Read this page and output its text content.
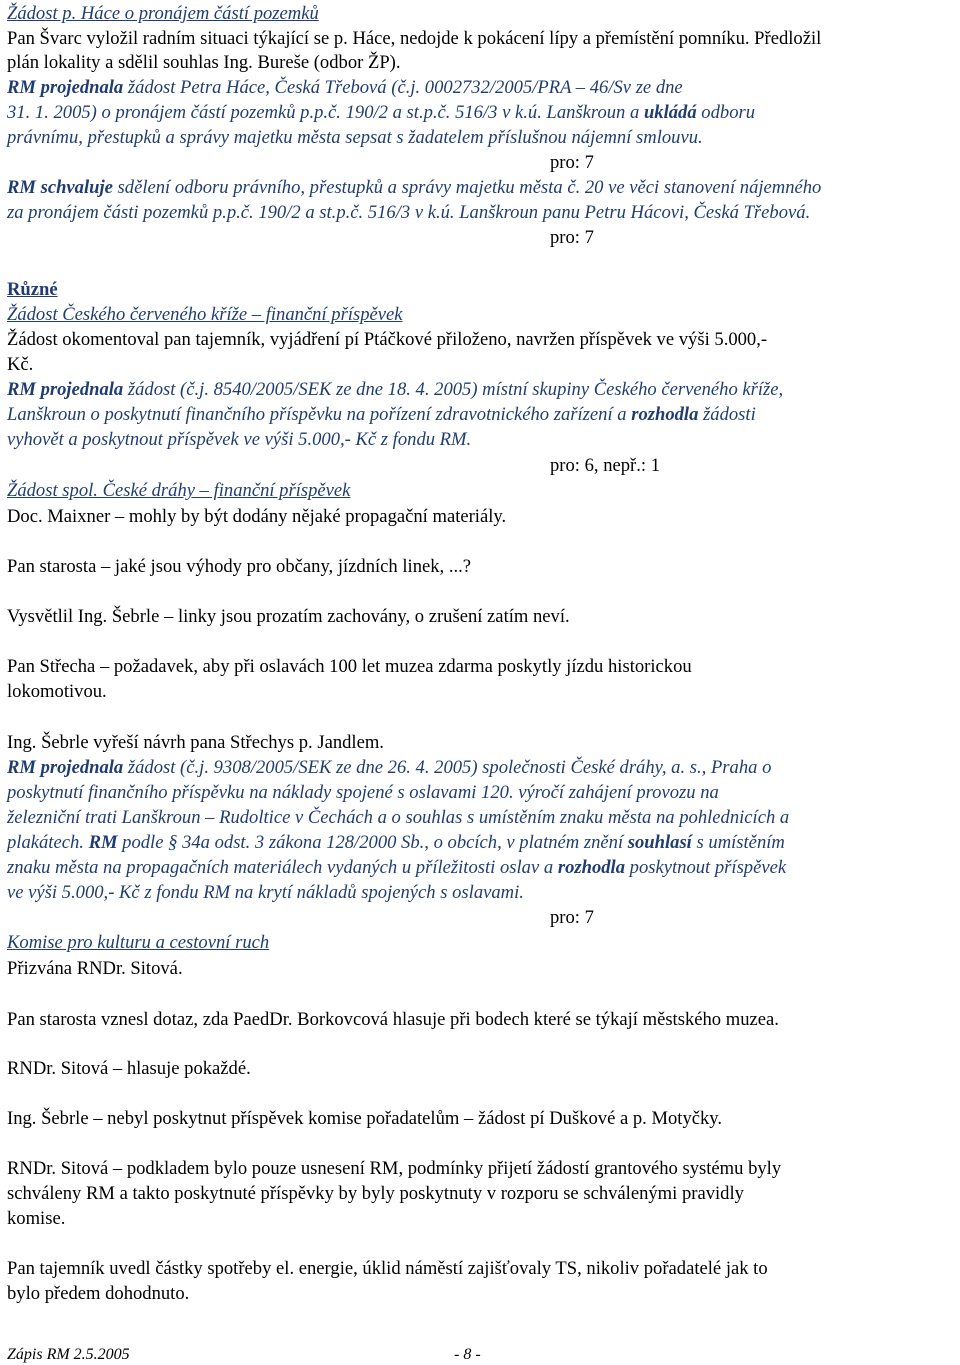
Žádost p. Háce o pronájem částí pozemků
Pan Švarc vyložil radním situaci týkající se p. Háce, nedojde k pokácení lípy a přemístění pomníku. Předložil
plán lokality a sdělil souhlas Ing. Bureše (odbor ŽP).
RM projednala žádost Petra Háce, Česká Třebová (č.j. 0002732/2005/PRA – 46/Sv ze dne
31. 1. 2005) o pronájem částí pozemků p.p.č. 190/2 a st.p.č. 516/3 v k.ú. Lanškroun a ukládá odboru
právnímu, přestupků a správy majetku města sepsat s žadatelem příslušnou nájemní smlouvu.
pro: 7
RM schvaluje sdělení odboru právního, přestupků a správy majetku města č. 20 ve věci stanovení nájemného
za pronájem části pozemků p.p.č. 190/2 a st.p.č. 516/3 v k.ú. Lanškroun panu Petru Hácovi, Česká Třebová.
pro: 7
Různé
Žádost Českého červeného kříže – finanční příspěvek
Žádost okomentoval pan tajemník, vyjádření pí Ptáčkové přiloženo, navržen příspěvek ve výši 5.000,-
Kč.
RM projednala žádost (č.j. 8540/2005/SEK ze dne 18. 4. 2005) místní skupiny Českého červeného kříže,
Lanškroun o poskytnutí finančního příspěvku na pořízení zdravotnického zařízení a rozhodla žádosti
vyhovět a poskytnout příspěvek ve výši 5.000,- Kč z fondu RM.
pro: 6, nepř.: 1
Žádost spol. České dráhy – finanční příspěvek
Doc. Maixner – mohly by být dodány nějaké propagační materiály.
Pan starosta – jaké jsou výhody pro občany, jízdních linek, ...?
Vysvětlil Ing. Šebrle – linky jsou prozatím zachovány, o zrušení zatím neví.
Pan Střecha – požadavek, aby při oslavách 100 let muzea zdarma poskytly jízdu historickou
lokomotivou.
Ing. Šebrle vyřeší návrh pana Střechys p. Jandlem.
RM projednala žádost (č.j. 9308/2005/SEK ze dne 26. 4. 2005) společnosti České dráhy, a. s., Praha o
poskytnutí finančního příspěvku na náklady spojené s oslavami 120. výročí zahájení provozu na
železniční trati Lanškroun – Rudoltice v Čechách a o souhlas s umístěním znaku města na pohlednicích a
plakátech. RM podle § 34a odst. 3 zákona 128/2000 Sb., o obcích, v platném znění souhlasí s umístěním
znaku města na propagačních materiálech vydaných u příležitosti oslav a rozhodla poskytnout příspěvek
ve výši 5.000,- Kč z fondu RM na krytí nákladů spojených s oslavami.
pro: 7
Komise pro kulturu a cestovní ruch
Přizvána RNDr. Sitová.
Pan starosta vznesl dotaz, zda PaedDr. Borkovcová hlasuje při bodech které se týkají městského muzea.
RNDr. Sitová – hlasuje pokaždé.
Ing. Šebrle – nebyl poskytnut příspěvek komise pořadatelům – žádost pí Duškové a p. Motyčky.
RNDr. Sitová – podkladem bylo pouze usnesení RM, podmínky přijetí žádostí grantového systému byly
schváleny RM a takto poskytnuté příspěvky by byly poskytnuty v rozporu se schválenými pravidly
komise.
Pan tajemník uvedl částky spotřeby el. energie, úklid náměstí zajišťovaly TS, nikoliv pořadatelé jak to
bylo předem dohodnuto.
Zápis RM 2.5.2005	- 8 -
